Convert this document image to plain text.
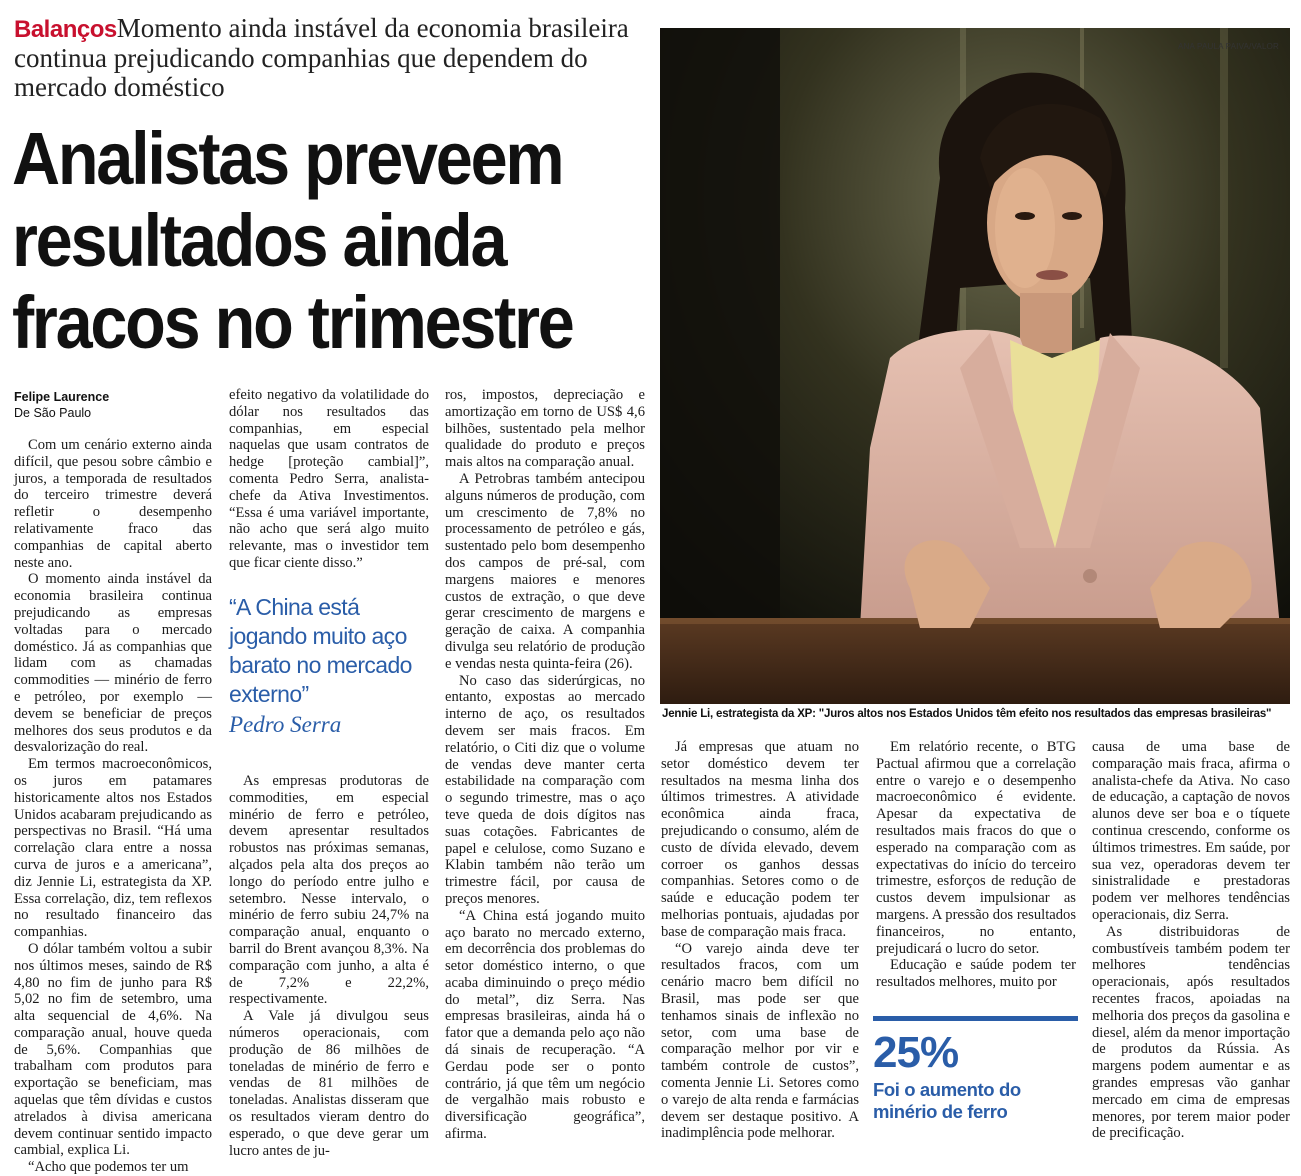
BalançosMomento ainda instável da economia brasileira continua prejudicando companhias que dependem do mercado doméstico
Analistas preveem resultados ainda fracos no trimestre
ANA PAULA PAIVA/VALOR
Jennie Li, estrategista da XP: "Juros altos nos Estados Unidos têm efeito nos resultados das empresas brasileiras"
Felipe Laurence
De São Paulo

Com um cenário externo ainda difícil, que pesou sobre câmbio e juros, a temporada de resultados do terceiro trimestre deverá refletir o desempenho relativamente fraco das companhias de capital aberto neste ano.

O momento ainda instável da economia brasileira continua prejudicando as empresas voltadas para o mercado doméstico. Já as companhias que lidam com as chamadas commodities — minério de ferro e petróleo, por exemplo — devem se beneficiar de preços melhores dos seus produtos e da desvalorização do real.

Em termos macroeconômicos, os juros em patamares historicamente altos nos Estados Unidos acabaram prejudicando as perspectivas no Brasil. “Há uma correlação clara entre a nossa curva de juros e a americana”, diz Jennie Li, estrategista da XP. Essa correlação, diz, tem reflexos no resultado financeiro das companhias.

O dólar também voltou a subir nos últimos meses, saindo de R$ 4,80 no fim de junho para R$ 5,02 no fim de setembro, uma alta sequencial de 4,6%. Na comparação anual, houve queda de 5,6%. Companhias que trabalham com produtos para exportação se beneficiam, mas aquelas que têm dívidas e custos atrelados à divisa americana devem continuar sentido impacto cambial, explica Li.

“Acho que podemos ter um

efeito negativo da volatilidade do dólar nos resultados das companhias, em especial naquelas que usam contratos de hedge [proteção cambial]”, comenta Pedro Serra, analista-chefe da Ativa Investimentos. “Essa é uma variável importante, não acho que será algo muito relevante, mas o investidor tem que ficar ciente disso.”

“A China está jogando muito aço barato no mercado externo”
Pedro Serra

As empresas produtoras de commodities, em especial minério de ferro e petróleo, devem apresentar resultados robustos nas próximas semanas, alçados pela alta dos preços ao longo do período entre julho e setembro. Nesse intervalo, o minério de ferro subiu 24,7% na comparação anual, enquanto o barril do Brent avançou 8,3%. Na comparação com junho, a alta é de 7,2% e 22,2%, respectivamente.

A Vale já divulgou seus números operacionais, com produção de 86 milhões de toneladas de minério de ferro e vendas de 81 milhões de toneladas. Analistas disseram que os resultados vieram dentro do esperado, o que deve gerar um lucro antes de ju-

ros, impostos, depreciação e amortização em torno de US$ 4,6 bilhões, sustentado pela melhor qualidade do produto e preços mais altos na comparação anual.

A Petrobras também antecipou alguns números de produção, com um crescimento de 7,8% no processamento de petróleo e gás, sustentado pelo bom desempenho dos campos de pré-sal, com margens maiores e menores custos de extração, o que deve gerar crescimento de margens e geração de caixa. A companhia divulga seu relatório de produção e vendas nesta quinta-feira (26).

No caso das siderúrgicas, no entanto, expostas ao mercado interno de aço, os resultados devem ser mais fracos. Em relatório, o Citi diz que o volume de vendas deve manter certa estabilidade na comparação com o segundo trimestre, mas o aço teve queda de dois dígitos nas suas cotações. Fabricantes de papel e celulose, como Suzano e Klabin também não terão um trimestre fácil, por causa de preços menores.

“A China está jogando muito aço barato no mercado externo, em decorrência dos problemas do setor doméstico interno, o que acaba diminuindo o preço médio do metal”, diz Serra. Nas empresas brasileiras, ainda há o fator que a demanda pelo aço não dá sinais de recuperação. “A Gerdau pode ser o ponto contrário, já que têm um negócio de vergalhão mais robusto e diversificação geográfica”, afirma.

Já empresas que atuam no setor doméstico devem ter resultados na mesma linha dos últimos trimestres. A atividade econômica ainda fraca, prejudicando o consumo, além de custo de dívida elevado, devem corroer os ganhos dessas companhias. Setores como o de saúde e educação podem ter melhorias pontuais, ajudadas por base de comparação mais fraca.

“O varejo ainda deve ter resultados fracos, com um cenário macro bem difícil no Brasil, mas pode ser que tenhamos sinais de inflexão no setor, com uma base de comparação melhor por vir e também controle de custos”, comenta Jennie Li. Setores como o varejo de alta renda e farmácias devem ser destaque positivo. A inadimplência pode melhorar.

Em relatório recente, o BTG Pactual afirmou que a correlação entre o varejo e o desempenho macroeconômico é evidente. Apesar da expectativa de resultados mais fracos do que o esperado na comparação com as expectativas do início do terceiro trimestre, esforços de redução de custos devem impulsionar as margens. A pressão dos resultados financeiros, no entanto, prejudicará o lucro do setor.

Educação e saúde podem ter resultados melhores, muito por

25%
Foi o aumento do minério de ferro

causa de uma base de comparação mais fraca, afirma o analista-chefe da Ativa. No caso de educação, a captação de novos alunos deve ser boa e o tíquete continua crescendo, conforme os últimos trimestres. Em saúde, por sua vez, operadoras devem ter sinistralidade e prestadoras podem ver melhores tendências operacionais, diz Serra.

As distribuidoras de combustíveis também podem ter melhores tendências operacionais, após resultados recentes fracos, apoiadas na melhoria dos preços da gasolina e diesel, além da menor importação de produtos da Rússia. As margens podem aumentar e as grandes empresas vão ganhar mercado em cima de empresas menores, por terem maior poder de precificação.
